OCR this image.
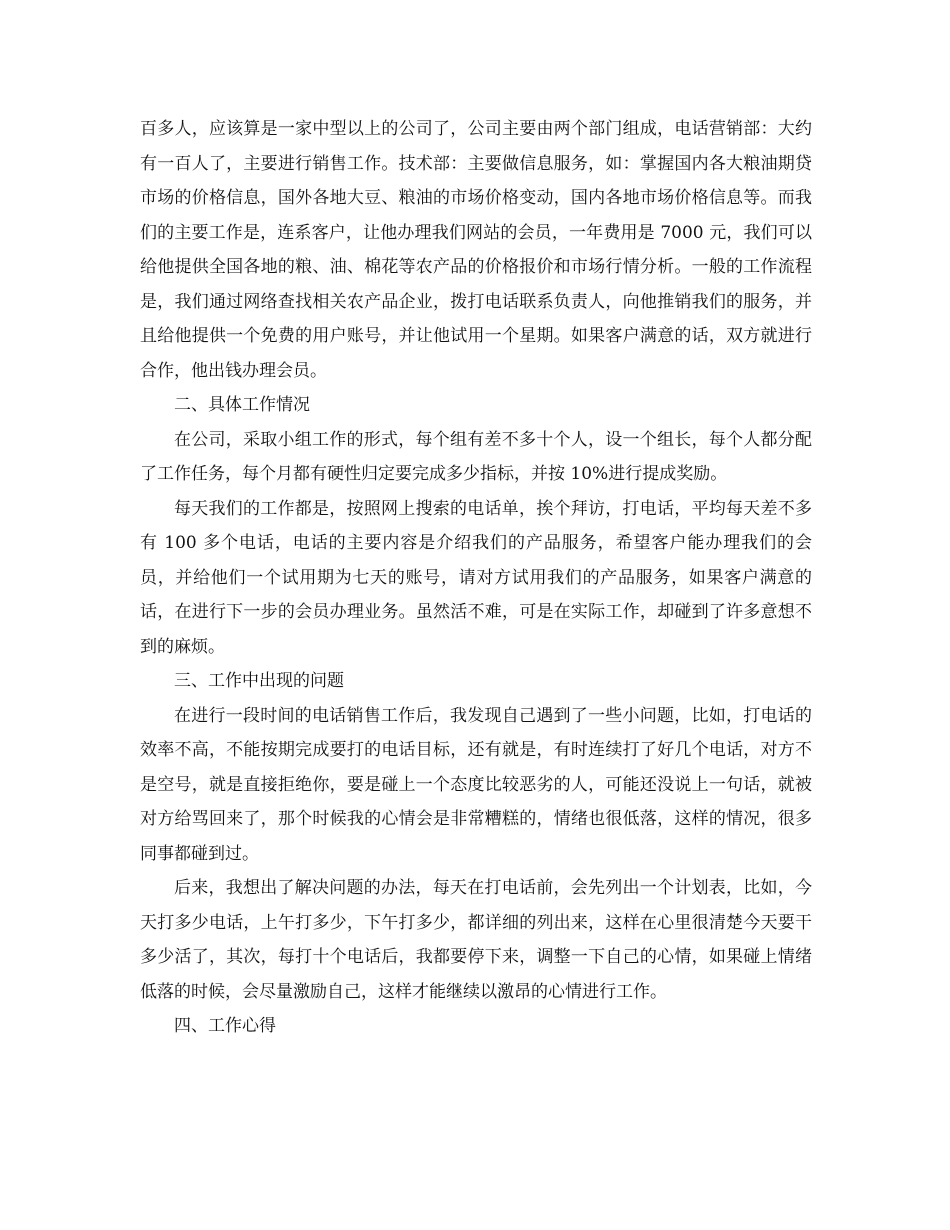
百多人，应该算是一家中型以上的公司了，公司主要由两个部门组成，电话营销部：大约有一百人了，主要进行销售工作。技术部：主要做信息服务，如：掌握国内各大粮油期贷市场的价格信息，国外各地大豆、粮油的市场价格变动，国内各地市场价格信息等。而我们的主要工作是，连系客户，让他办理我们网站的会员，一年费用是 7000 元，我们可以给他提供全国各地的粮、油、棉花等农产品的价格报价和市场行情分析。一般的工作流程是，我们通过网络查找相关农产品企业，拨打电话联系负责人，向他推销我们的服务，并且给他提供一个免费的用户账号，并让他试用一个星期。如果客户满意的话，双方就进行合作，他出钱办理会员。

二、具体工作情况

在公司，采取小组工作的形式，每个组有差不多十个人，设一个组长，每个人都分配了工作任务，每个月都有硬性归定要完成多少指标，并按 10%进行提成奖励。

每天我们的工作都是，按照网上搜索的电话单，挨个拜访，打电话，平均每天差不多有 100 多个电话，电话的主要内容是介绍我们的产品服务，希望客户能办理我们的会员，并给他们一个试用期为七天的账号，请对方试用我们的产品服务，如果客户满意的话，在进行下一步的会员办理业务。虽然活不难，可是在实际工作，却碰到了许多意想不到的麻烦。

三、工作中出现的问题

在进行一段时间的电话销售工作后，我发现自己遇到了一些小问题，比如，打电话的效率不高，不能按期完成要打的电话目标，还有就是，有时连续打了好几个电话，对方不是空号，就是直接拒绝你，要是碰上一个态度比较恶劣的人，可能还没说上一句话，就被对方给骂回来了，那个时候我的心情会是非常糟糕的，情绪也很低落，这样的情况，很多同事都碰到过。

后来，我想出了解决问题的办法，每天在打电话前，会先列出一个计划表，比如，今天打多少电话，上午打多少，下午打多少，都详细的列出来，这样在心里很清楚今天要干多少活了，其次，每打十个电话后，我都要停下来，调整一下自己的心情，如果碰上情绪低落的时候，会尽量激励自己，这样才能继续以激昂的心情进行工作。

四、工作心得
